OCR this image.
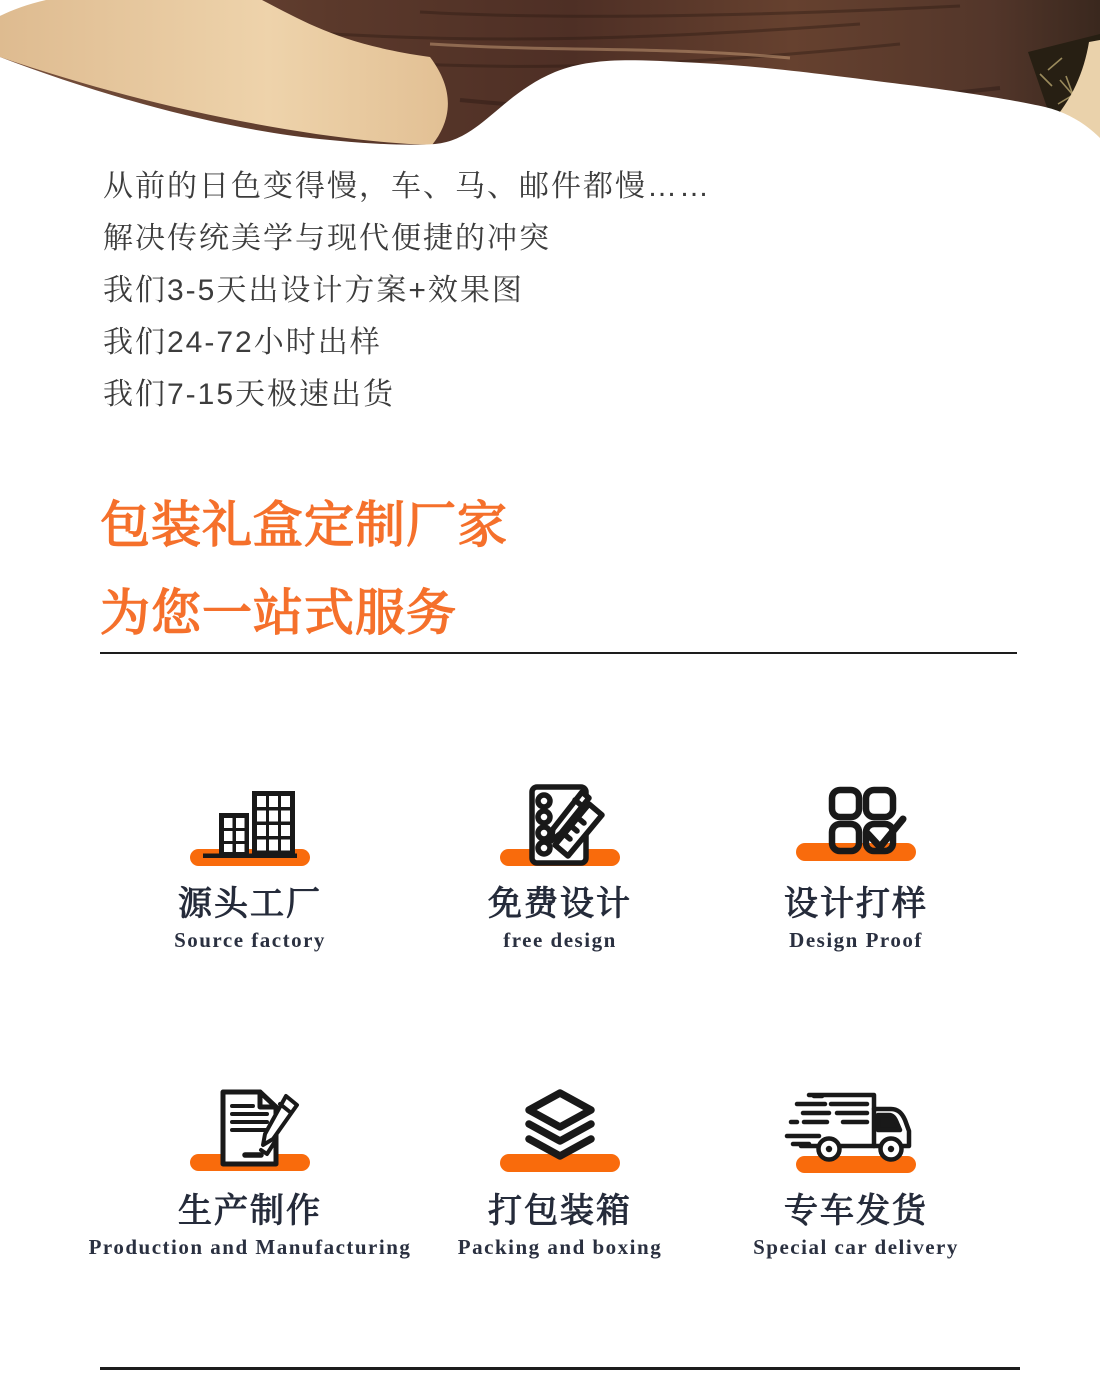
从前的日色变得慢，车、马、邮件都慢……
解决传统美学与现代便捷的冲突
我们3-5天出设计方案+效果图
我们24-72小时出样
我们7-15天极速出货
包装礼盒定制厂家
为您一站式服务
源头工厂
Source factory
免费设计
free design
设计打样
Design Proof
生产制作
Production and Manufacturing
打包装箱
Packing and boxing
专车发货
Special car delivery
